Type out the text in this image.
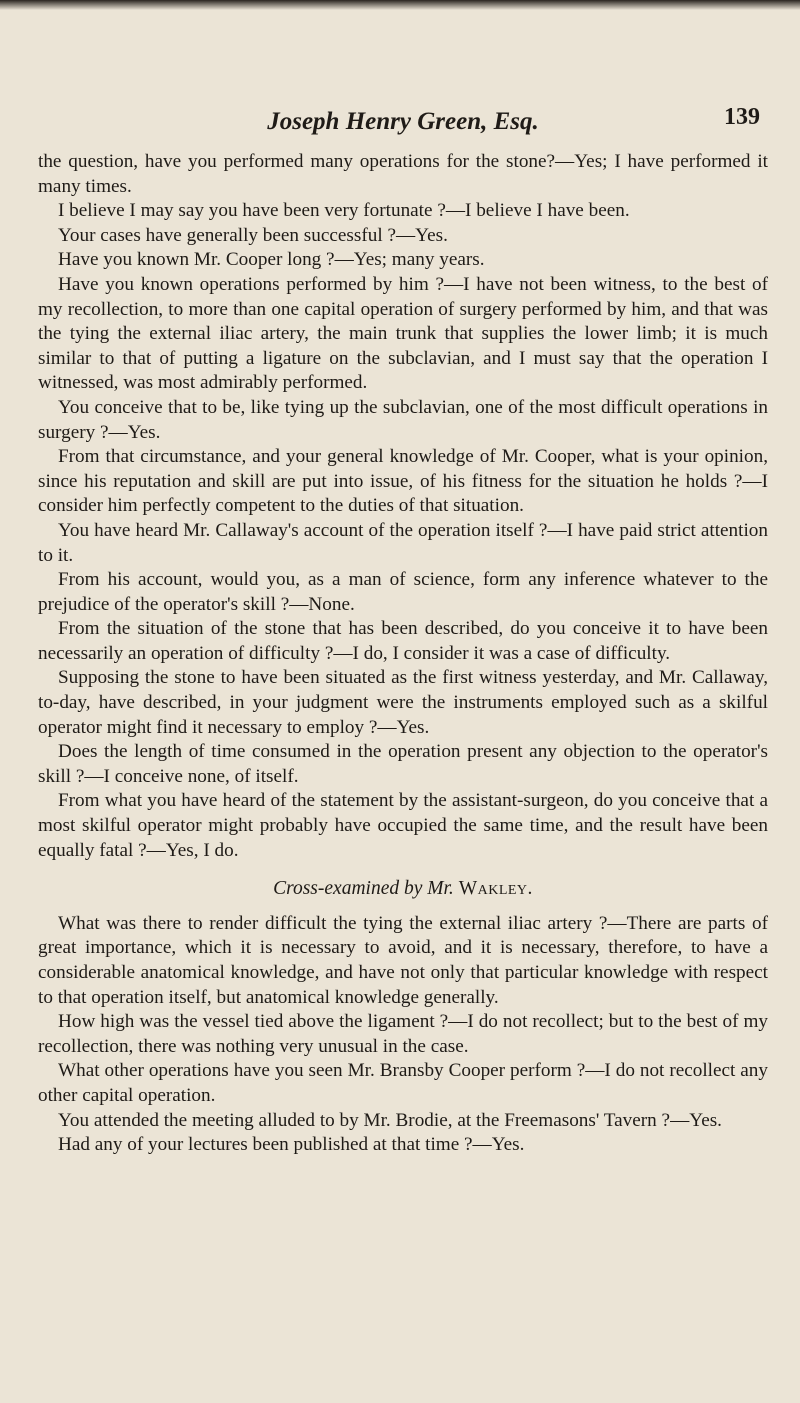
Joseph Henry Green, Esq.	139

the question, have you performed many operations for the stone?—Yes; I have performed it many times.

I believe I may say you have been very fortunate ?—I believe I have been.

Your cases have generally been successful ?—Yes.

Have you known Mr. Cooper long ?—Yes; many years.

Have you known operations performed by him ?—I have not been witness, to the best of my recollection, to more than one capital operation of surgery performed by him, and that was the tying the external iliac artery, the main trunk that supplies the lower limb; it is much similar to that of putting a ligature on the subclavian, and I must say that the operation I witnessed, was most admirably performed.

You conceive that to be, like tying up the subclavian, one of the most difficult operations in surgery ?—Yes.

From that circumstance, and your general knowledge of Mr. Cooper, what is your opinion, since his reputation and skill are put into issue, of his fitness for the situation he holds ?—I consider him perfectly competent to the duties of that situation.

You have heard Mr. Callaway's account of the operation itself ?—I have paid strict attention to it.

From his account, would you, as a man of science, form any inference whatever to the prejudice of the operator's skill ?—None.

From the situation of the stone that has been described, do you conceive it to have been necessarily an operation of difficulty ?—I do, I consider it was a case of difficulty.

Supposing the stone to have been situated as the first witness yesterday, and Mr. Callaway, to-day, have described, in your judgment were the instruments employed such as a skilful operator might find it necessary to employ ?—Yes.

Does the length of time consumed in the operation present any objection to the operator's skill ?—I conceive none, of itself.

From what you have heard of the statement by the assistant-surgeon, do you conceive that a most skilful operator might probably have occupied the same time, and the result have been equally fatal ?—Yes, I do.

Cross-examined by Mr. Wakley.

What was there to render difficult the tying the external iliac artery ?—There are parts of great importance, which it is necessary to avoid, and it is necessary, therefore, to have a considerable anatomical knowledge, and have not only that particular knowledge with respect to that operation itself, but anatomical knowledge generally.

How high was the vessel tied above the ligament ?—I do not recollect; but to the best of my recollection, there was nothing very unusual in the case.

What other operations have you seen Mr. Bransby Cooper perform ?—I do not recollect any other capital operation.

You attended the meeting alluded to by Mr. Brodie, at the Freemasons' Tavern ?—Yes.

Had any of your lectures been published at that time ?—Yes.
